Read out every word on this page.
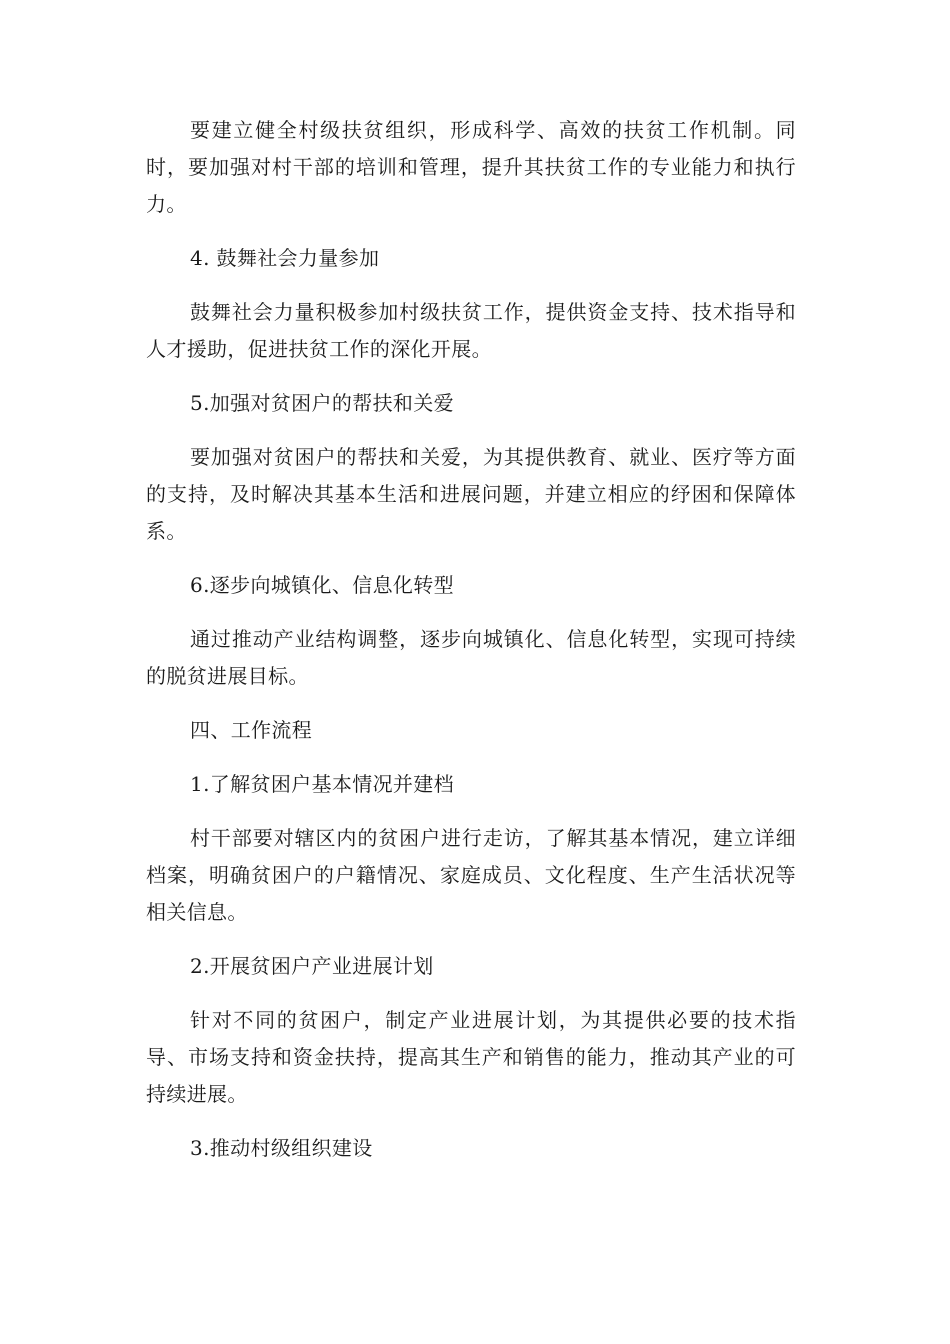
要建立健全村级扶贫组织，形成科学、高效的扶贫工作机制。同时，要加强对村干部的培训和管理，提升其扶贫工作的专业能力和执行力。

4. 鼓舞社会力量参加

鼓舞社会力量积极参加村级扶贫工作，提供资金支持、技术指导和人才援助，促进扶贫工作的深化开展。

5.加强对贫困户的帮扶和关爱

要加强对贫困户的帮扶和关爱，为其提供教育、就业、医疗等方面的支持，及时解决其基本生活和进展问题，并建立相应的纾困和保障体系。

6.逐步向城镇化、信息化转型

通过推动产业结构调整，逐步向城镇化、信息化转型，实现可持续的脱贫进展目标。

四、工作流程

1.了解贫困户基本情况并建档

村干部要对辖区内的贫困户进行走访，了解其基本情况，建立详细档案，明确贫困户的户籍情况、家庭成员、文化程度、生产生活状况等相关信息。

2.开展贫困户产业进展计划

针对不同的贫困户，制定产业进展计划，为其提供必要的技术指导、市场支持和资金扶持，提高其生产和销售的能力，推动其产业的可持续进展。

3.推动村级组织建设
